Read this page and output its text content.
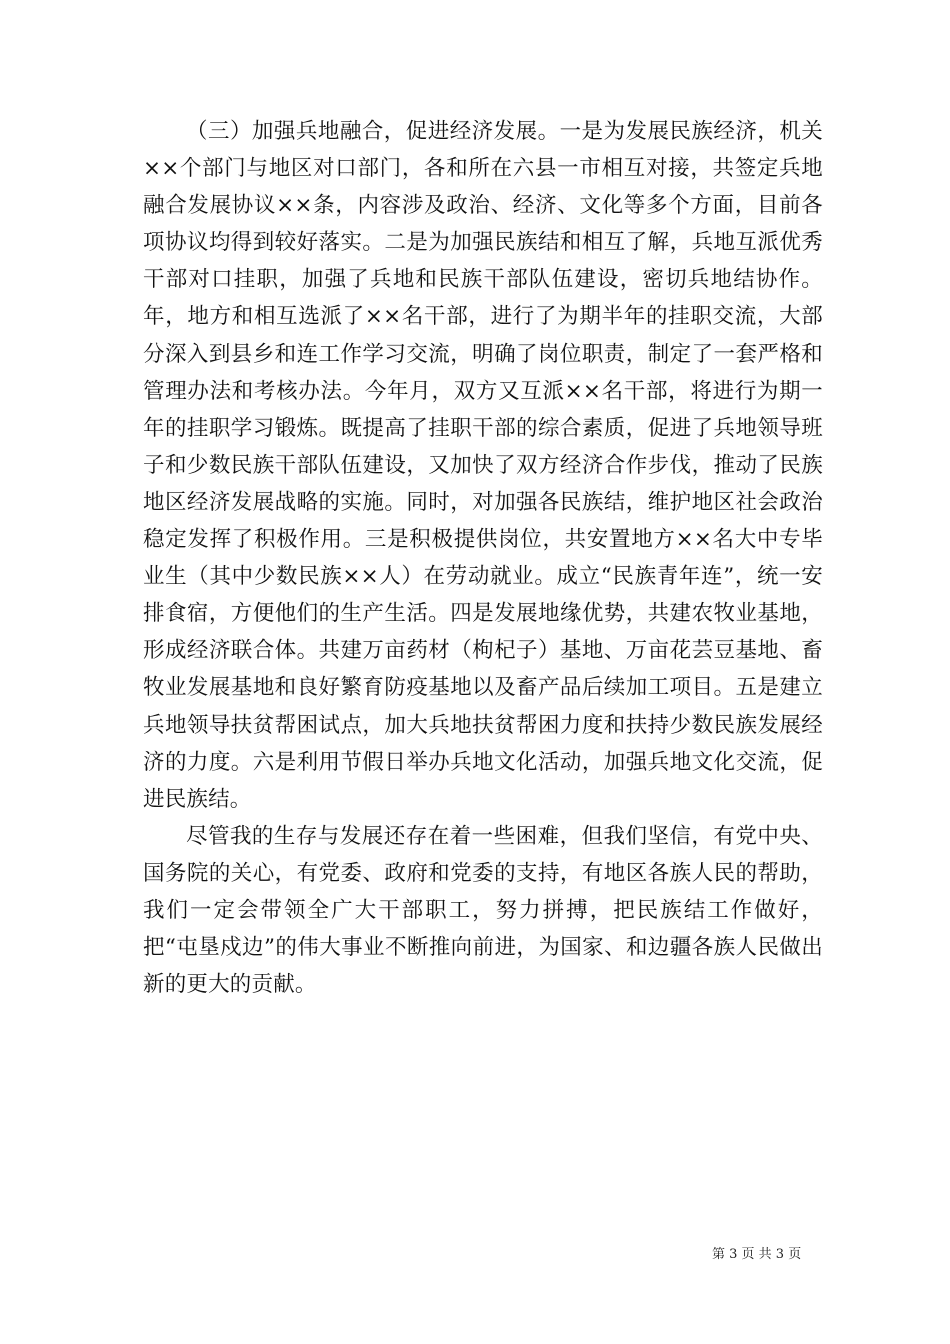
（三）加强兵地融合，促进经济发展。一是为发展民族经济，机关××个部门与地区对口部门，各和所在六县一市相互对接，共签定兵地融合发展协议××条，内容涉及政治、经济、文化等多个方面，目前各项协议均得到较好落实。二是为加强民族结和相互了解，兵地互派优秀干部对口挂职，加强了兵地和民族干部队伍建设，密切兵地结协作。年，地方和相互选派了××名干部，进行了为期半年的挂职交流，大部分深入到县乡和连工作学习交流，明确了岗位职责，制定了一套严格和管理办法和考核办法。今年月，双方又互派××名干部，将进行为期一年的挂职学习锻炼。既提高了挂职干部的综合素质，促进了兵地领导班子和少数民族干部队伍建设，又加快了双方经济合作步伐，推动了民族地区经济发展战略的实施。同时，对加强各民族结，维护地区社会政治稳定发挥了积极作用。三是积极提供岗位，共安置地方××名大中专毕业生（其中少数民族××人）在劳动就业。成立“民族青年连”，统一安排食宿，方便他们的生产生活。四是发展地缘优势，共建农牧业基地，形成经济联合体。共建万亩药材（枸杞子）基地、万亩花芸豆基地、畜牧业发展基地和良好繁育防疫基地以及畜产品后续加工项目。五是建立兵地领导扶贫帮困试点，加大兵地扶贫帮困力度和扶持少数民族发展经济的力度。六是利用节假日举办兵地文化活动，加强兵地文化交流，促进民族结。

尽管我的生存与发展还存在着一些困难，但我们坚信，有党中央、国务院的关心，有党委、政府和党委的支持，有地区各族人民的帮助，我们一定会带领全广大干部职工，努力拼搏，把民族结工作做好，把“屯垦戍边”的伟大事业不断推向前进，为国家、和边疆各族人民做出新的更大的贡献。

第 3 页 共 3 页
